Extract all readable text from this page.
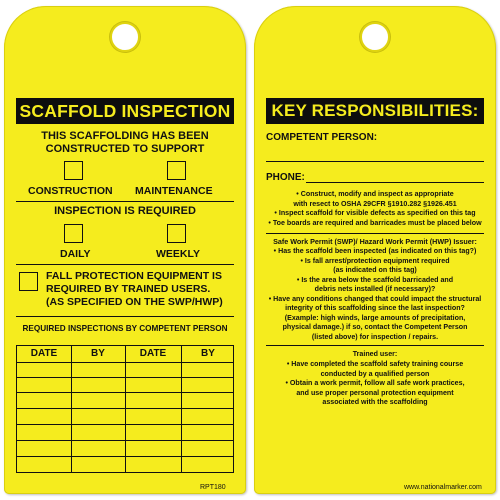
SCAFFOLD INSPECTION
THIS SCAFFOLDING HAS BEEN
CONSTRUCTED TO SUPPORT
CONSTRUCTION MAINTENANCE
INSPECTION IS REQUIRED
DAILY	WEEKLY
FALL PROTECTION EQUIPMENT IS
REQUIRED BY TRAINED USERS.
(AS SPECIFIED ON THE SWP/HWP)
REQUIRED INSPECTIONS BY COMPETENT PERSON
DATE	BY	DATE	BY
RPT180
KEY RESPONSIBILITIES:
COMPETENT PERSON:
PHONE:
• Construct, modify and inspect as appropriate
with resect to OSHA 29CFR §1910.282 §1926.451
• Inspect scaffold for visible defects as specified on this tag
• Toe boards are required and barricades must be placed below
Safe Work Permit (SWP)/ Hazard Work Permit (HWP) Issuer:
• Has the scaffold been inspected (as indicated on this tag?)
• Is fall arrest/protection equipment required
(as indicated on this tag)
• Is the area below the scaffold barricaded and
debris nets installed (if necessary)?
• Have any conditions changed that could impact the structural
integrity of this scaffolding since the last inspection?
(Example: high winds, large amounts of precipitation,
physical damage.) if so, contact the Competent Person
(listed above) for inspection / repairs.
Trained user:
• Have completed the scaffold safety training course
conducted by a qualified person
• Obtain a work permit, follow all safe work practices,
and use proper personal protection equipment
associated with the scaffolding
www.nationalmarker.com
